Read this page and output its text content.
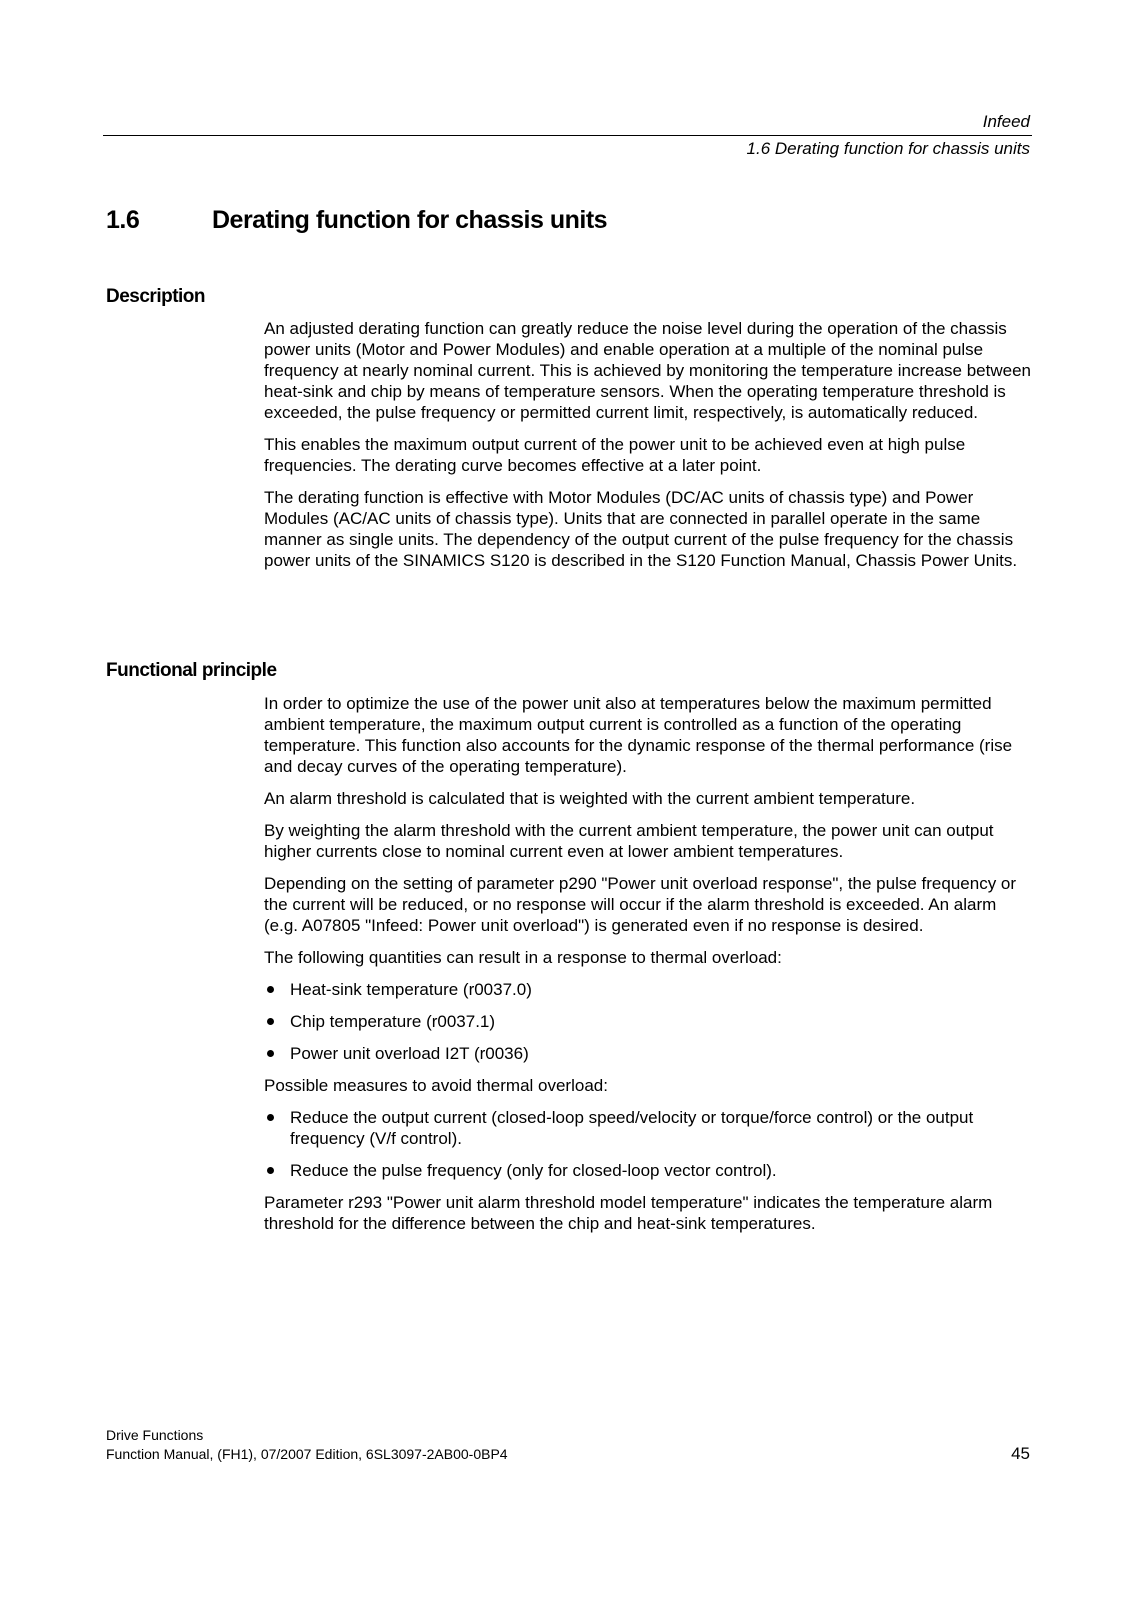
Infeed
1.6 Derating function for chassis units
1.6	Derating function for chassis units
Description

An adjusted derating function can greatly reduce the noise level during the operation of the chassis power units (Motor and Power Modules) and enable operation at a multiple of the nominal pulse frequency at nearly nominal current. This is achieved by monitoring the temperature increase between heat-sink and chip by means of temperature sensors. When the operating temperature threshold is exceeded, the pulse frequency or permitted current limit, respectively, is automatically reduced.

This enables the maximum output current of the power unit to be achieved even at high pulse frequencies. The derating curve becomes effective at a later point.

The derating function is effective with Motor Modules (DC/AC units of chassis type) and Power Modules (AC/AC units of chassis type). Units that are connected in parallel operate in the same manner as single units. The dependency of the output current of the pulse frequency for the chassis power units of the SINAMICS S120 is described in the S120 Function Manual, Chassis Power Units.

Functional principle

In order to optimize the use of the power unit also at temperatures below the maximum permitted ambient temperature, the maximum output current is controlled as a function of the operating temperature. This function also accounts for the dynamic response of the thermal performance (rise and decay curves of the operating temperature).

An alarm threshold is calculated that is weighted with the current ambient temperature.

By weighting the alarm threshold with the current ambient temperature, the power unit can output higher currents close to nominal current even at lower ambient temperatures.

Depending on the setting of parameter p290 "Power unit overload response", the pulse frequency or the current will be reduced, or no response will occur if the alarm threshold is exceeded. An alarm (e.g. A07805 "Infeed: Power unit overload") is generated even if no response is desired.

The following quantities can result in a response to thermal overload:

Heat-sink temperature (r0037.0)
Chip temperature (r0037.1)
Power unit overload I2T (r0036)

Possible measures to avoid thermal overload:

Reduce the output current (closed-loop speed/velocity or torque/force control) or the output frequency (V/f control).
Reduce the pulse frequency (only for closed-loop vector control).

Parameter r293 "Power unit alarm threshold model temperature" indicates the temperature alarm threshold for the difference between the chip and heat-sink temperatures.

Drive Functions
Function Manual, (FH1), 07/2007 Edition, 6SL3097-2AB00-0BP4	45
